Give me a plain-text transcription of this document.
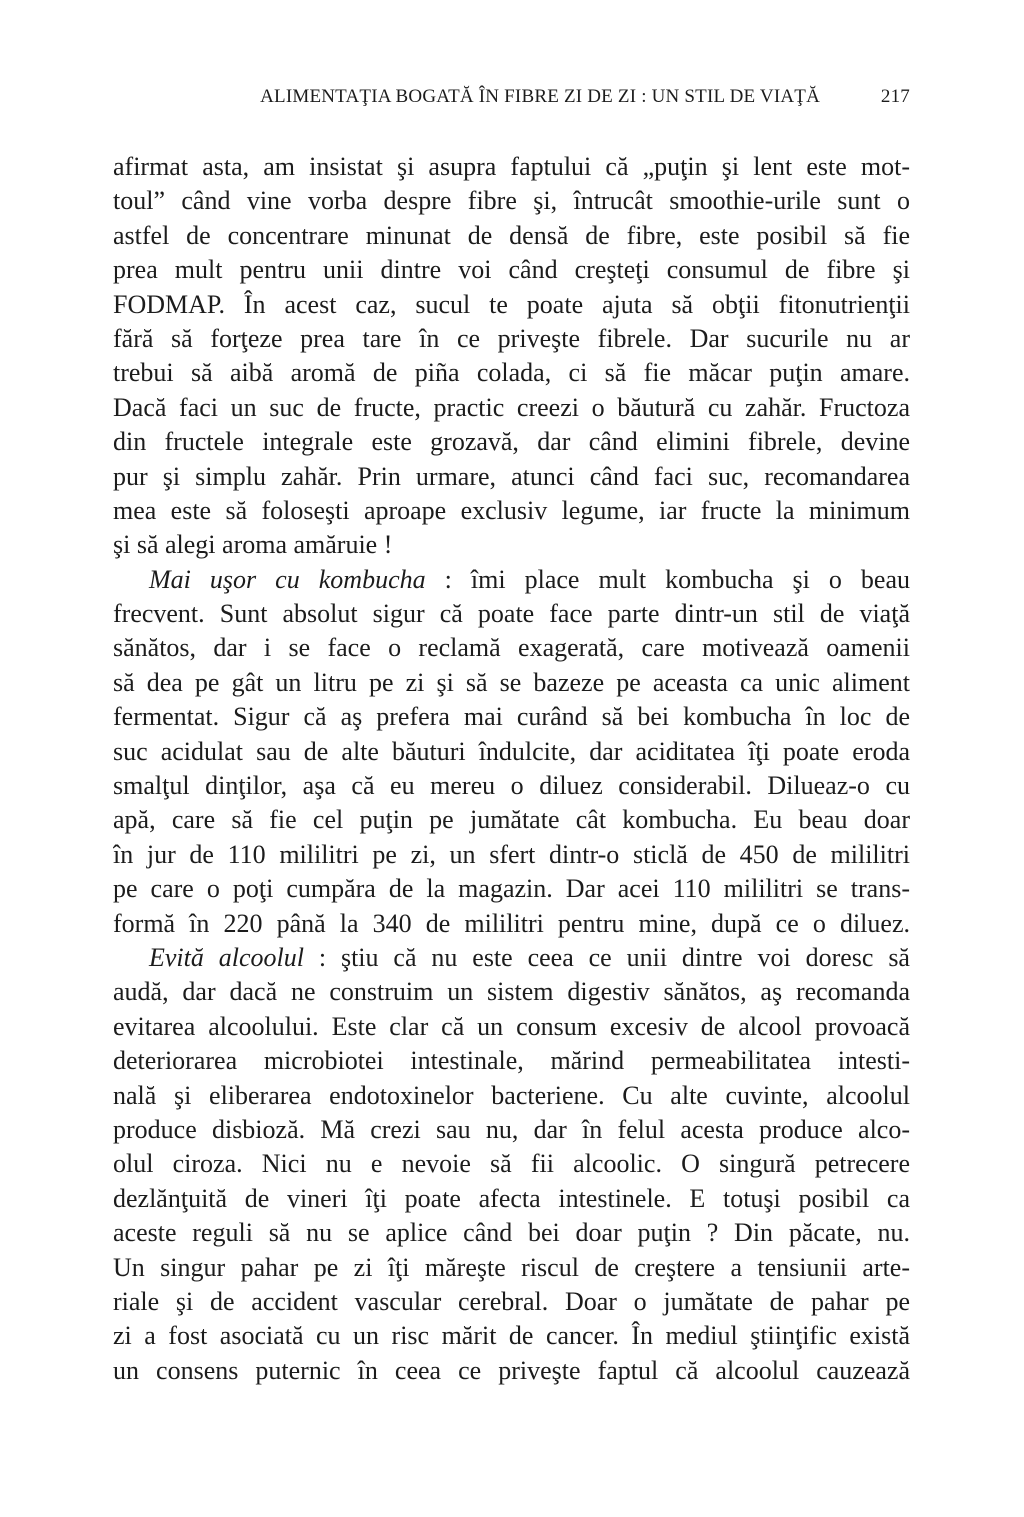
ALIMENTAŢIA BOGATĂ ÎN FIBRE ZI DE ZI : UN STIL DE VIAŢĂ	217
afirmat asta, am insistat şi asupra faptului că „puţin şi lent este mot-
toul” când vine vorba despre fibre şi, întrucât smoothie-urile sunt o
astfel de concentrare minunat de densă de fibre, este posibil să fie
prea mult pentru unii dintre voi când creşteţi consumul de fibre şi
FODMAP. În acest caz, sucul te poate ajuta să obţii fitonutrienţii
fără să forţeze prea tare în ce priveşte fibrele. Dar sucurile nu ar
trebui să aibă aromă de piña colada, ci să fie măcar puţin amare.
Dacă faci un suc de fructe, practic creezi o băutură cu zahăr. Fructoza
din fructele integrale este grozavă, dar când elimini fibrele, devine
pur şi simplu zahăr. Prin urmare, atunci când faci suc, recomandarea
mea este să foloseşti aproape exclusiv legume, iar fructe la minimum
şi să alegi aroma amăruie !
Mai uşor cu kombucha : îmi place mult kombucha şi o beau
frecvent. Sunt absolut sigur că poate face parte dintr-un stil de viaţă
sănătos, dar i se face o reclamă exagerată, care motivează oamenii
să dea pe gât un litru pe zi şi să se bazeze pe aceasta ca unic aliment
fermentat. Sigur că aş prefera mai curând să bei kombucha în loc de
suc acidulat sau de alte băuturi îndulcite, dar aciditatea îţi poate eroda
smalţul dinţilor, aşa că eu mereu o diluez considerabil. Dilueaz-o cu
apă, care să fie cel puţin pe jumătate cât kombucha. Eu beau doar
în jur de 110 mililitri pe zi, un sfert dintr-o sticlă de 450 de mililitri
pe care o poţi cumpăra de la magazin. Dar acei 110 mililitri se trans-
formă în 220 până la 340 de mililitri pentru mine, după ce o diluez.
Evită alcoolul : ştiu că nu este ceea ce unii dintre voi doresc să
audă, dar dacă ne construim un sistem digestiv sănătos, aş recomanda
evitarea alcoolului. Este clar că un consum excesiv de alcool provoacă
deteriorarea microbiotei intestinale, mărind permeabilitatea intesti-
nală şi eliberarea endotoxinelor bacteriene. Cu alte cuvinte, alcoolul
produce disbioză. Mă crezi sau nu, dar în felul acesta produce alco-
olul ciroza. Nici nu e nevoie să fii alcoolic. O singură petrecere
dezlănţuită de vineri îţi poate afecta intestinele. E totuşi posibil ca
aceste reguli să nu se aplice când bei doar puţin ? Din păcate, nu.
Un singur pahar pe zi îţi măreşte riscul de creştere a tensiunii arte-
riale şi de accident vascular cerebral. Doar o jumătate de pahar pe
zi a fost asociată cu un risc mărit de cancer. În mediul ştiinţific există
un consens puternic în ceea ce priveşte faptul că alcoolul cauzează
